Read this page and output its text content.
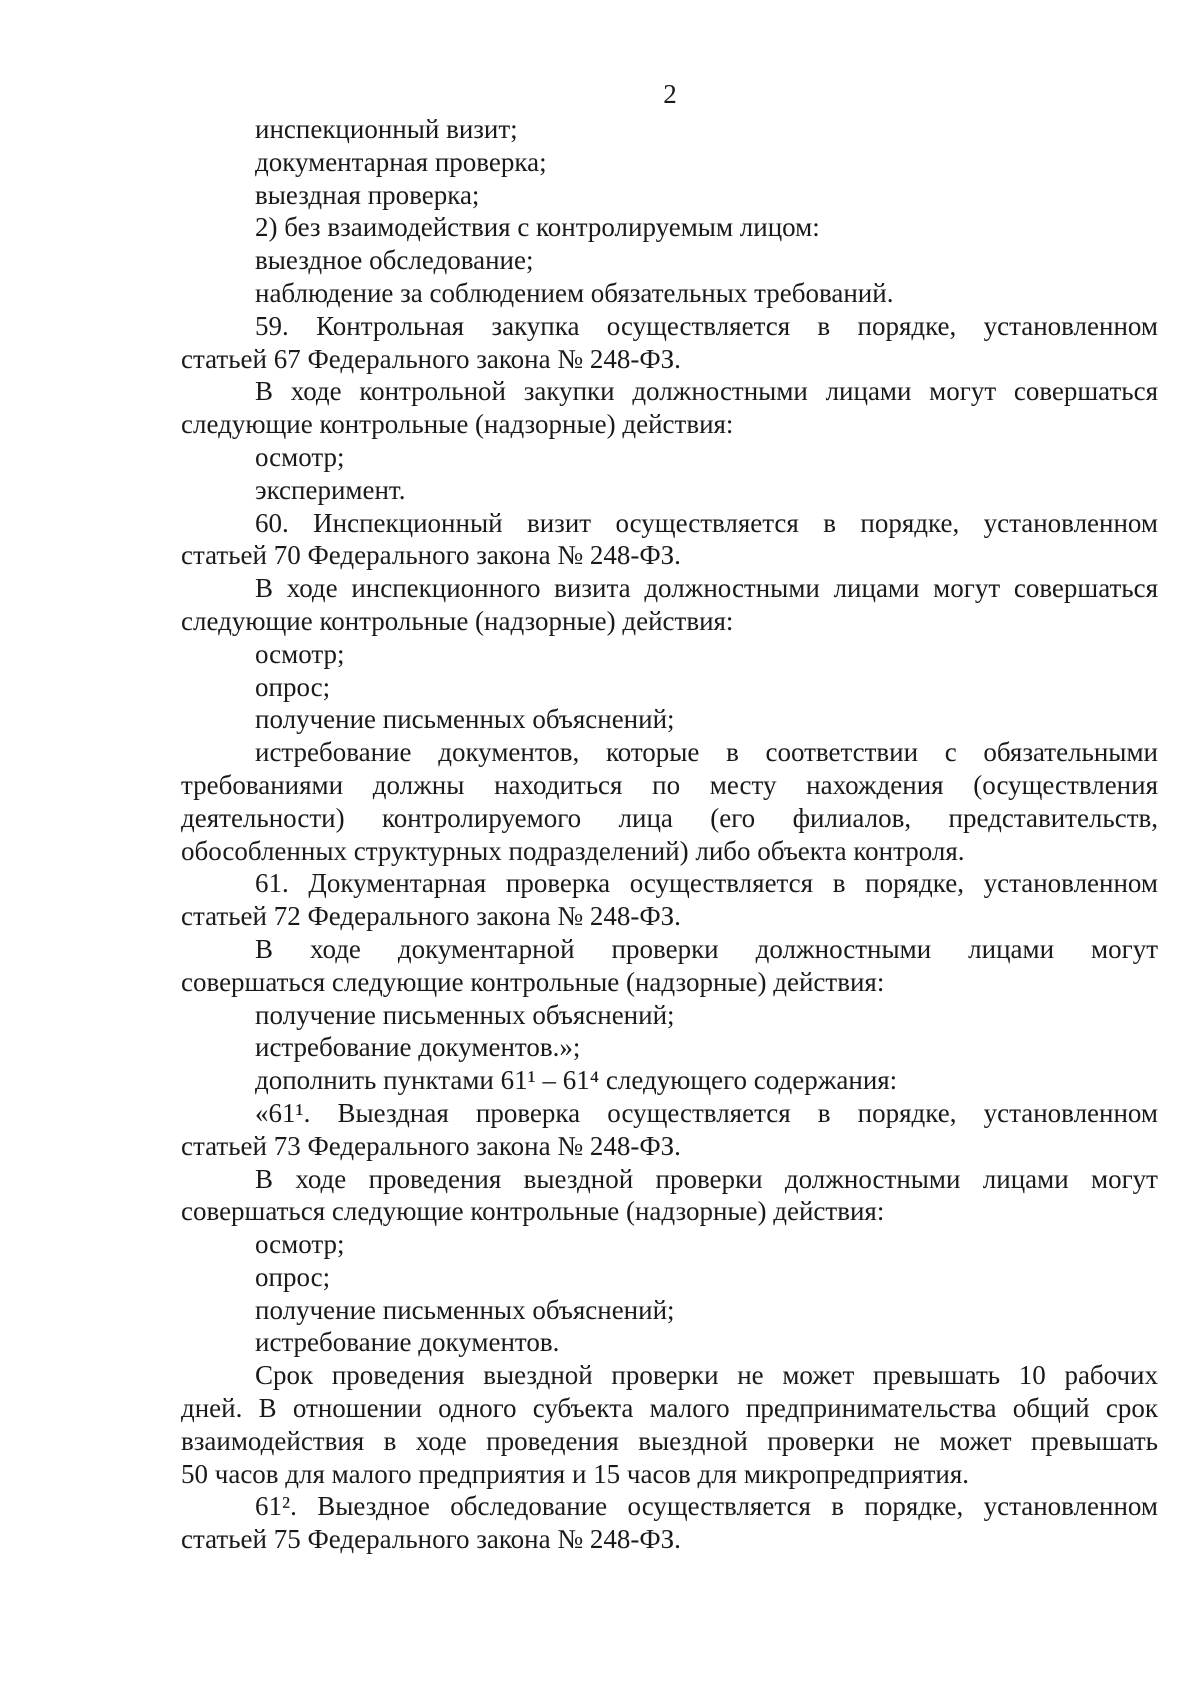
2
инспекционный визит;
документарная проверка;
выездная проверка;
2) без взаимодействия с контролируемым лицом:
выездное обследование;
наблюдение за соблюдением обязательных требований.
59. Контрольная закупка осуществляется в порядке, установленном
статьей 67 Федерального закона № 248-ФЗ.
В ходе контрольной закупки должностными лицами могут совершаться
следующие контрольные (надзорные) действия:
осмотр;
эксперимент.
60. Инспекционный визит осуществляется в порядке, установленном
статьей 70 Федерального закона № 248-ФЗ.
В ходе инспекционного визита должностными лицами могут совершаться
следующие контрольные (надзорные) действия:
осмотр;
опрос;
получение письменных объяснений;
истребование документов, которые в соответствии с обязательными
требованиями должны находиться по месту нахождения (осуществления
деятельности) контролируемого лица (его филиалов, представительств,
обособленных структурных подразделений) либо объекта контроля.
61. Документарная проверка осуществляется в порядке, установленном
статьей 72 Федерального закона № 248-ФЗ.
В ходе документарной проверки должностными лицами могут
совершаться следующие контрольные (надзорные) действия:
получение письменных объяснений;
истребование документов.»;
дополнить пунктами 61¹ – 61⁴ следующего содержания:
«61¹. Выездная проверка осуществляется в порядке, установленном
статьей 73 Федерального закона № 248-ФЗ.
В ходе проведения выездной проверки должностными лицами могут
совершаться следующие контрольные (надзорные) действия:
осмотр;
опрос;
получение письменных объяснений;
истребование документов.
Срок проведения выездной проверки не может превышать 10 рабочих
дней. В отношении одного субъекта малого предпринимательства общий срок
взаимодействия в ходе проведения выездной проверки не может превышать
50 часов для малого предприятия и 15 часов для микропредприятия.
61². Выездное обследование осуществляется в порядке, установленном
статьей 75 Федерального закона № 248-ФЗ.
